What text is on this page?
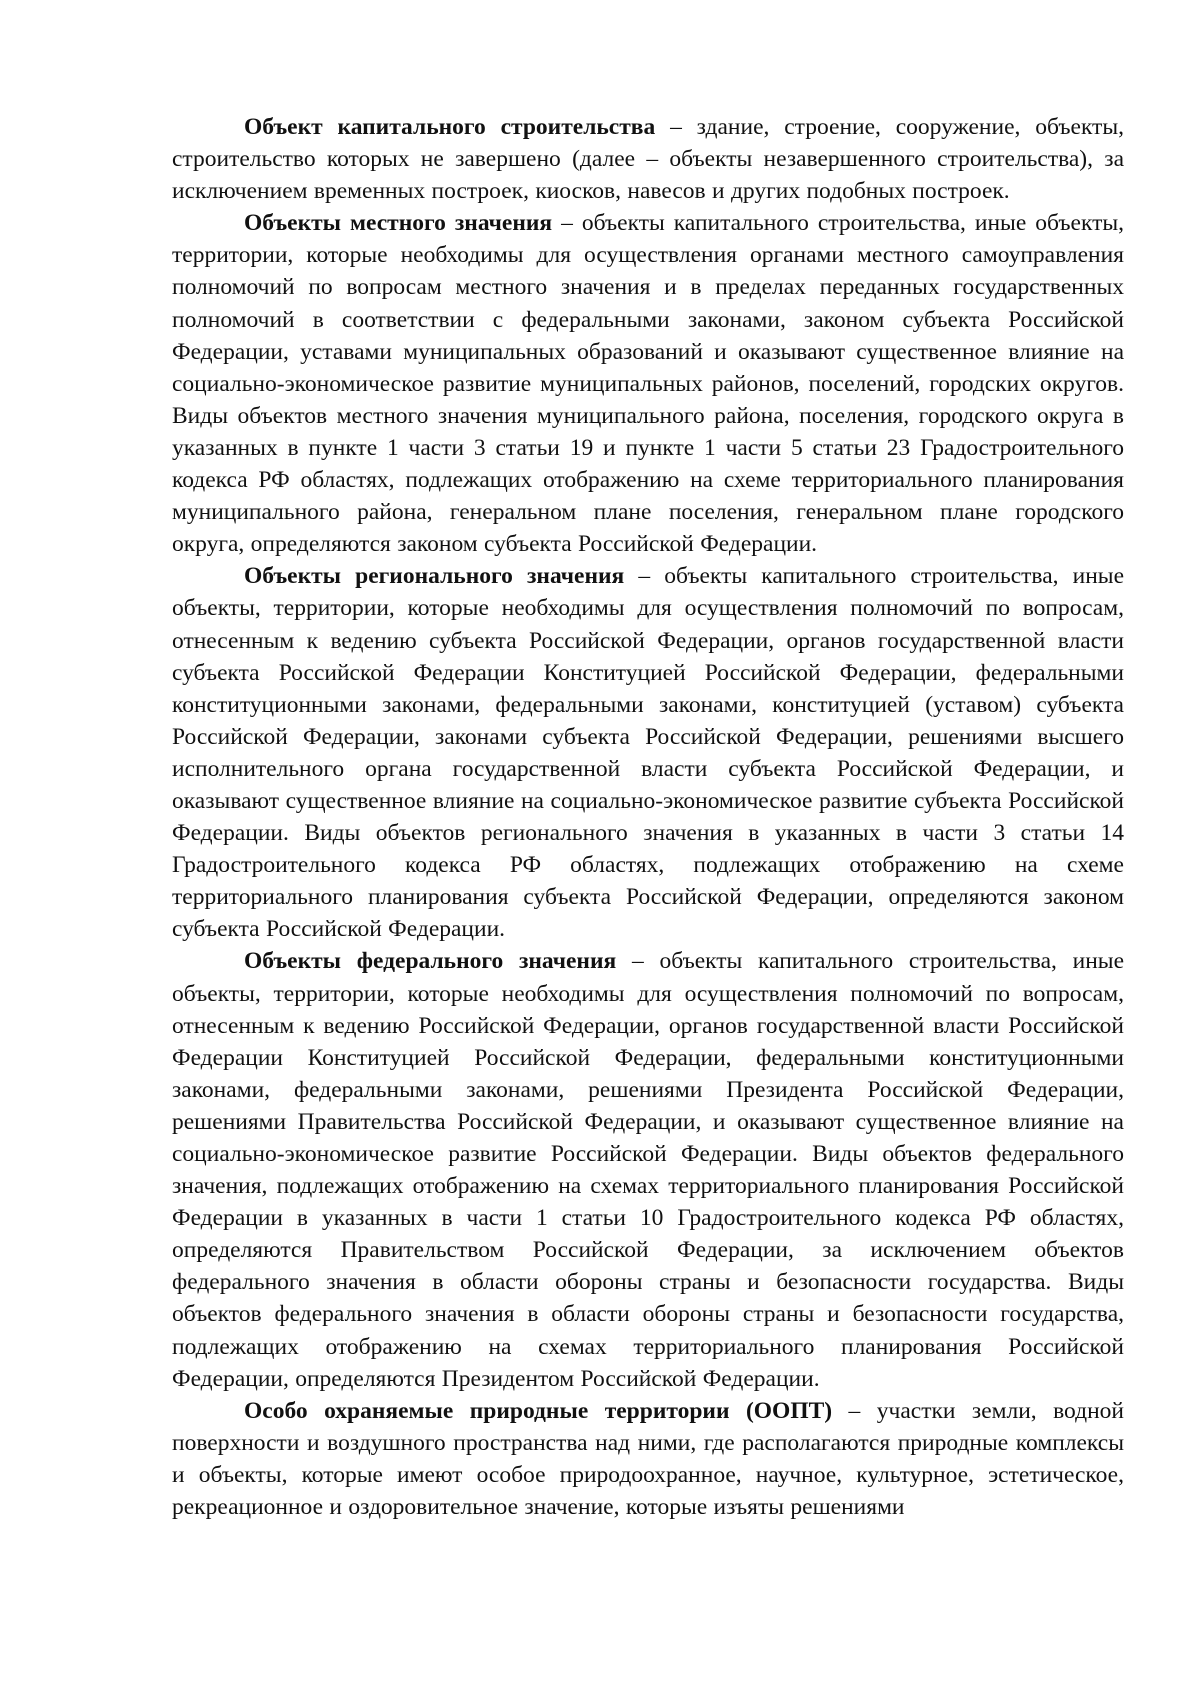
Объект капитального строительства – здание, строение, сооружение, объекты, строительство которых не завершено (далее – объекты незавершенного строительства), за исключением временных построек, киосков, навесов и других подобных построек.

Объекты местного значения – объекты капитального строительства, иные объекты, территории, которые необходимы для осуществления органами местного самоуправления полномочий по вопросам местного значения и в пределах переданных государственных полномочий в соответствии с федеральными законами, законом субъекта Российской Федерации, уставами муниципальных образований и оказывают существенное влияние на социально-экономическое развитие муниципальных районов, поселений, городских округов. Виды объектов местного значения муниципального района, поселения, городского округа в указанных в пункте 1 части 3 статьи 19 и пункте 1 части 5 статьи 23 Градостроительного кодекса РФ областях, подлежащих отображению на схеме территориального планирования муниципального района, генеральном плане поселения, генеральном плане городского округа, определяются законом субъекта Российской Федерации.

Объекты регионального значения – объекты капитального строительства, иные объекты, территории, которые необходимы для осуществления полномочий по вопросам, отнесенным к ведению субъекта Российской Федерации, органов государственной власти субъекта Российской Федерации Конституцией Российской Федерации, федеральными конституционными законами, федеральными законами, конституцией (уставом) субъекта Российской Федерации, законами субъекта Российской Федерации, решениями высшего исполнительного органа государственной власти субъекта Российской Федерации, и оказывают существенное влияние на социально-экономическое развитие субъекта Российской Федерации. Виды объектов регионального значения в указанных в части 3 статьи 14 Градостроительного кодекса РФ областях, подлежащих отображению на схеме территориального планирования субъекта Российской Федерации, определяются законом субъекта Российской Федерации.

Объекты федерального значения – объекты капитального строительства, иные объекты, территории, которые необходимы для осуществления полномочий по вопросам, отнесенным к ведению Российской Федерации, органов государственной власти Российской Федерации Конституцией Российской Федерации, федеральными конституционными законами, федеральными законами, решениями Президента Российской Федерации, решениями Правительства Российской Федерации, и оказывают существенное влияние на социально-экономическое развитие Российской Федерации. Виды объектов федерального значения, подлежащих отображению на схемах территориального планирования Российской Федерации в указанных в части 1 статьи 10 Градостроительного кодекса РФ областях, определяются Правительством Российской Федерации, за исключением объектов федерального значения в области обороны страны и безопасности государства. Виды объектов федерального значения в области обороны страны и безопасности государства, подлежащих отображению на схемах территориального планирования Российской Федерации, определяются Президентом Российской Федерации.

Особо охраняемые природные территории (ООПТ) – участки земли, водной поверхности и воздушного пространства над ними, где располагаются природные комплексы и объекты, которые имеют особое природоохранное, научное, культурное, эстетическое, рекреационное и оздоровительное значение, которые изъяты решениями
